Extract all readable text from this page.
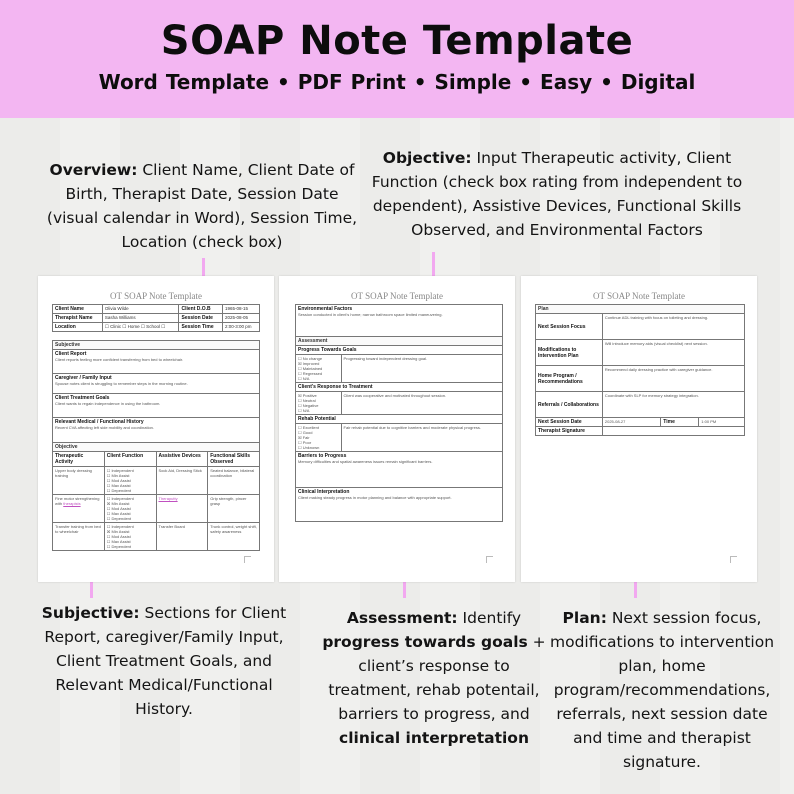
SOAP Note Template
Word Template • PDF Print • Simple • Easy • Digital
Overview: Client Name, Client Date of Birth, Therapist Date, Session Date (visual calendar in Word), Session Time, Location (check box)
Objective: Input Therapeutic activity, Client Function (check box rating from independent to dependent), Assistive Devices, Functional Skills Observed, and Environmental Factors
OT SOAP Note Template
Client Name	Olivia Wilde	Client D.O.B	1965-08-15
Therapist Name	Sasha Williams	Session Date	2025-08-05
Location	☐ Clinic ☐ Home ☐ School ☐	Session Time	2:00-3:00 pm
Subjective

Client Report
Client reports feeling more confident transferring from bed to wheelchair.

Caregiver / Family Input
Spouse notes client is struggling to remember steps in the morning routine.

Client Treatment Goals
Client wants to regain independence in using the bathroom.

Relevant Medical / Functional History
Recent CVA affecting left side mobility and coordination.
Objective			
Therapeutic Activity	Client Function	Assistive Devices	Functional Skills Observed
Upper body dressing training	☐ Independent
☐ Min Assist
☐ Mod Assist
☐ Max Assist
☐ Dependent	Sock Aid, Dressing Stick	Seated balance, bilateral coordination
Fine motor strengthening with therapists	☐ Independent
☒ Min Assist
☐ Mod Assist
☐ Max Assist
☐ Dependent	Theraputty	Grip strength, pincer grasp
Transfer training from bed to wheelchair	☐ Independent
☒ Min Assist
☐ Mod Assist
☐ Max Assist
☐ Dependent	Transfer Board	Trunk control, weight shift, safety awareness
OT SOAP Note Template
Environmental Factors
Session conducted in client's home; narrow bathroom space limited maneuvering.	

Assessment	
Progress Towards Goals	

☐ No change
☒ Improved
☐ Maintained
☐ Regressed
☐ N/A	Progressing toward independent dressing goal.
Client's Response to Treatment	

☒ Positive
☐ Neutral
☐ Negative
☐ N/A	Client was cooperative and motivated throughout session.
Rehab Potential	

☐ Excellent
☐ Good
☒ Fair
☐ Poor
☐ Unknown	Fair rehab potential due to cognitive barriers and moderate physical progress.

Barriers to Progress
Memory difficulties and spatial awareness issues remain significant barriers.	

Clinical Interpretation
Client making steady progress in motor planning and balance with appropriate support.	
OT SOAP Note Template
Plan			
Next Session Focus	Continue ADL training with focus on toileting and dressing.		
Modifications to Intervention Plan	Will introduce memory aids (visual checklist) next session.		
Home Program / Recommendations	Recommend daily dressing practice with caregiver guidance.		
Referrals / Collaborations	Coordinate with SLP for memory strategy integration.		
Next Session Date	2025-08-27	Time	1:00 PM
Therapist Signature			
Subjective: Sections for Client Report, caregiver/Family Input, Client Treatment Goals, and Relevant Medical/Functional History.
Assessment: Identify progress towards goals + client’s response to treatment, rehab potentail, barriers to progress, and clinical interpretation
Plan: Next session focus, modifications to intervention plan, home program/recommendations, referrals, next session date and time and therapist signature.
